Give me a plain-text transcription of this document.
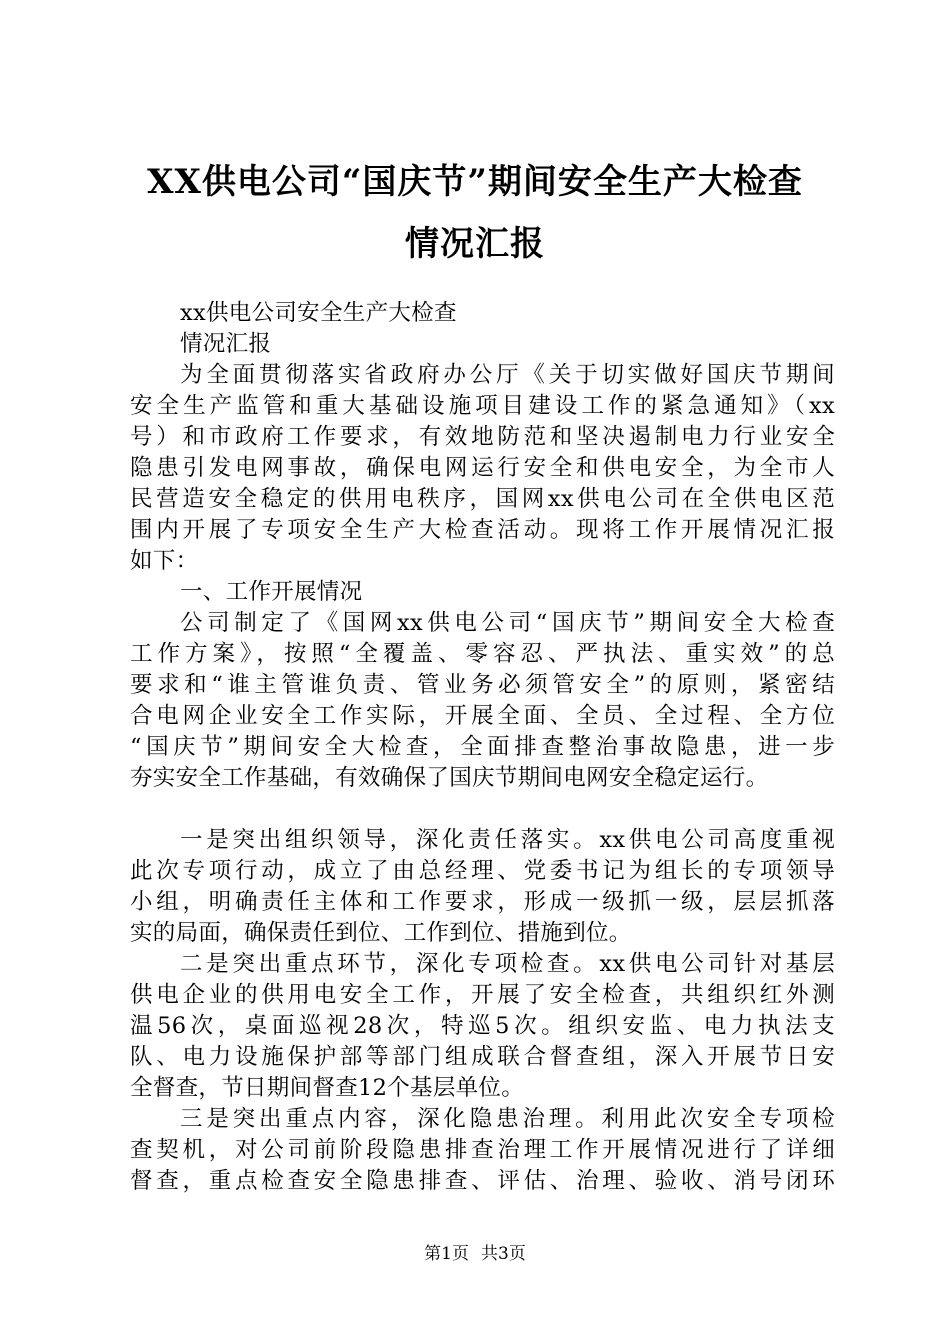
XX供电公司“国庆节”期间安全生产大检查
情况汇报
xx供电公司安全生产大检查
情况汇报
为全面贯彻落实省政府办公厅《关于切实做好国庆节期间
安全生产监管和重大基础设施项目建设工作的紧急通知》（xx
号）和市政府工作要求，有效地防范和坚决遏制电力行业安全
隐患引发电网事故，确保电网运行安全和供电安全，为全市人
民营造安全稳定的供用电秩序，国网xx供电公司在全供电区范
围内开展了专项安全生产大检查活动。现将工作开展情况汇报
如下：
一、工作开展情况
公司制定了《国网xx供电公司“国庆节”期间安全大检查
工作方案》，按照“全覆盖、零容忍、严执法、重实效”的总
要求和“谁主管谁负责、管业务必须管安全”的原则，紧密结
合电网企业安全工作实际，开展全面、全员、全过程、全方位
“国庆节”期间安全大检查，全面排查整治事故隐患，进一步
夯实安全工作基础，有效确保了国庆节期间电网安全稳定运行。
一是突出组织领导，深化责任落实。xx供电公司高度重视
此次专项行动，成立了由总经理、党委书记为组长的专项领导
小组，明确责任主体和工作要求，形成一级抓一级，层层抓落
实的局面，确保责任到位、工作到位、措施到位。
二是突出重点环节，深化专项检查。xx供电公司针对基层
供电企业的供用电安全工作，开展了安全检查，共组织红外测
温56次，桌面巡视28次，特巡5次。组织安监、电力执法支
队、电力设施保护部等部门组成联合督查组，深入开展节日安
全督查，节日期间督查12个基层单位。
三是突出重点内容，深化隐患治理。利用此次安全专项检
查契机，对公司前阶段隐患排查治理工作开展情况进行了详细
督查，重点检查安全隐患排查、评估、治理、验收、消号闭环
第1页 共3页
